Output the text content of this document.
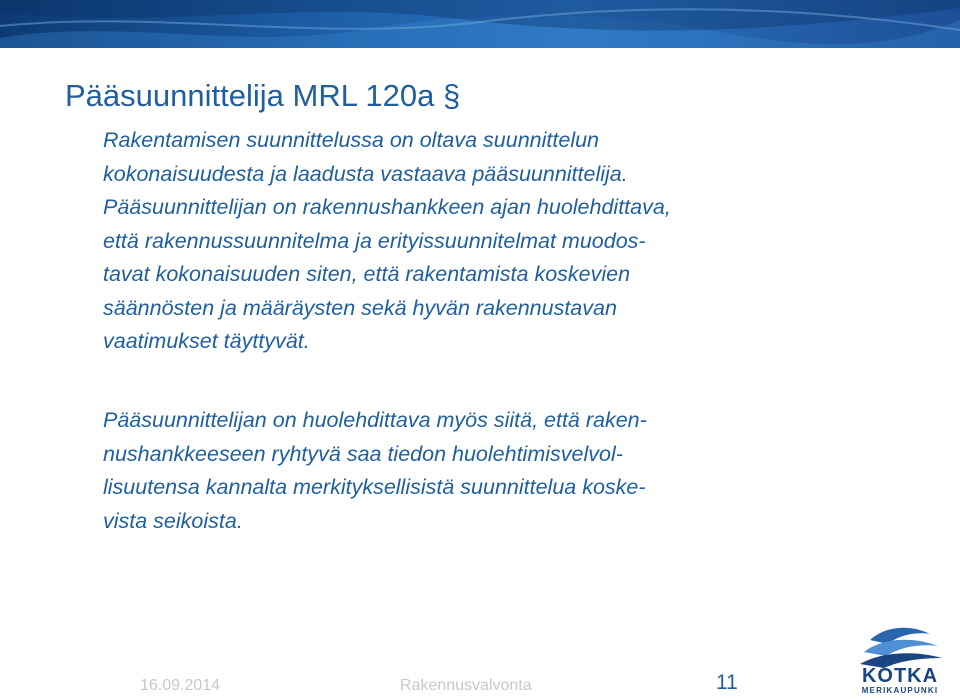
Pääsuunnittelija MRL 120a §
Rakentamisen suunnittelussa on oltava suunnittelun
kokonaisuudesta ja laadusta vastaava pääsuunnittelija.
Pääsuunnittelijan on rakennushankkeen ajan huolehdittava,
että rakennussuunnitelma ja erityissuunnitelmat muodos-
tavat kokonaisuuden siten, että rakentamista koskevien
säännösten ja määräysten sekä hyvän rakennustavan
vaatimukset täyttyvät.
Pääsuunnittelijan on huolehdittava myös siitä, että raken-
nushankkeeseen ryhtyvä saa tiedon huolehtimisvelvol-
lisuutensa kannalta merkityksellisistä suunnittelua koske-
vista seikoista.
16.09.2014	Rakennusvalvonta	11	KOTKA
MERIKAUPUNKI
